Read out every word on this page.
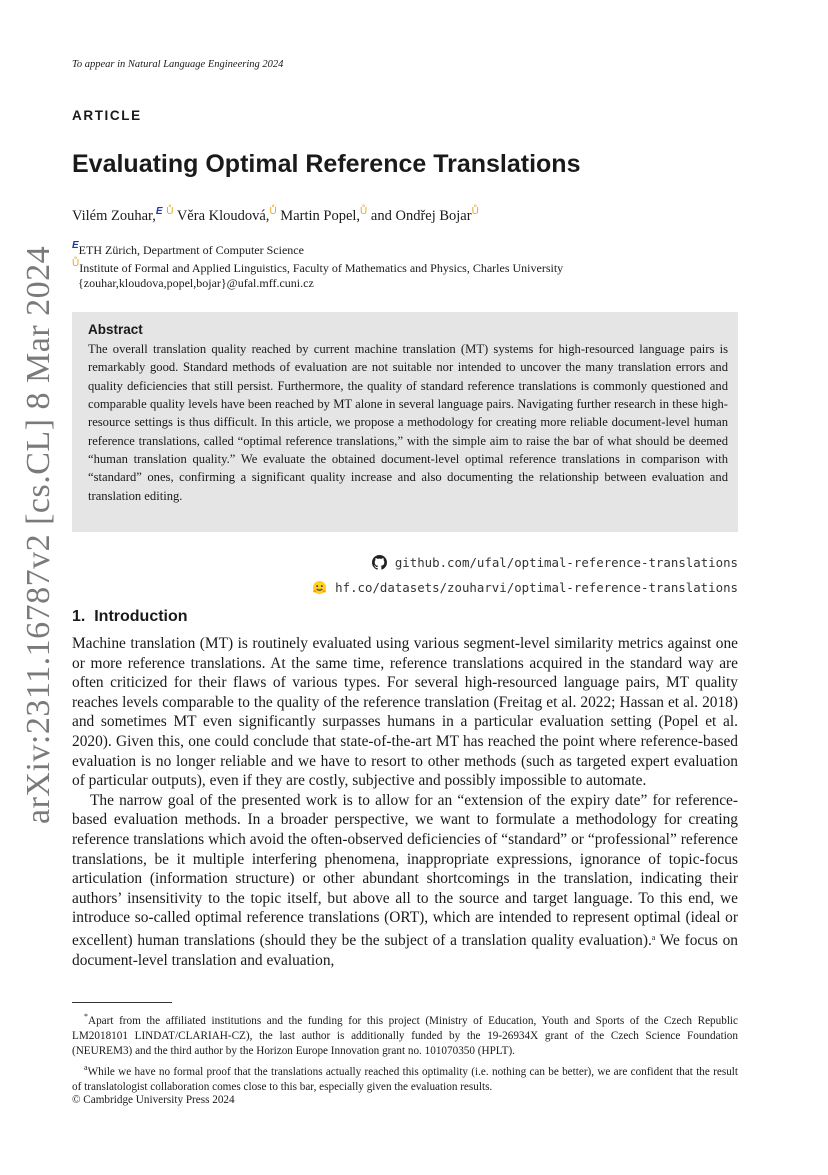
arXiv:2311.16787v2 [cs.CL] 8 Mar 2024
To appear in Natural Language Engineering 2024
ARTICLE
Evaluating Optimal Reference Translations
Vilém Zouhar,$^E$ $^Ů$ Věra Kloudová,$^Ů$ Martin Popel,$^Ů$ and Ondřej Bojar$^Ů$
$^E$ETH Zürich, Department of Computer Science
$^Ů$Institute of Formal and Applied Linguistics, Faculty of Mathematics and Physics, Charles University
{zouhar,kloudova,popel,bojar}@ufal.mff.cuni.cz
Abstract
The overall translation quality reached by current machine translation (MT) systems for high-resourced language pairs is remarkably good. Standard methods of evaluation are not suitable nor intended to uncover the many translation errors and quality deficiencies that still persist. Furthermore, the quality of standard reference translations is commonly questioned and comparable quality levels have been reached by MT alone in several language pairs. Navigating further research in these high-resource settings is thus difficult. In this article, we propose a methodology for creating more reliable document-level human reference translations, called “optimal reference translations,” with the simple aim to raise the bar of what should be deemed “human translation quality.” We evaluate the obtained document-level optimal reference translations in comparison with “standard” ones, confirming a significant quality increase and also documenting the relationship between evaluation and translation editing.
github.com/ufal/optimal-reference-translations
hf.co/datasets/zouharvi/optimal-reference-translations
1. Introduction

Machine translation (MT) is routinely evaluated using various segment-level similarity metrics against one or more reference translations. At the same time, reference translations acquired in the standard way are often criticized for their flaws of various types. For several high-resourced language pairs, MT quality reaches levels comparable to the quality of the reference translation (Freitag et al. 2022; Hassan et al. 2018) and sometimes MT even significantly surpasses humans in a particular evaluation setting (Popel et al. 2020). Given this, one could conclude that state-of-the-art MT has reached the point where reference-based evaluation is no longer reliable and we have to resort to other methods (such as targeted expert evaluation of particular outputs), even if they are costly, subjective and possibly impossible to automate.

The narrow goal of the presented work is to allow for an “extension of the expiry date” for reference-based evaluation methods. In a broader perspective, we want to formulate a methodology for creating reference translations which avoid the often-observed deficiencies of “standard” or “professional” reference translations, be it multiple interfering phenomena, inappropriate expressions, ignorance of topic-focus articulation (information structure) or other abundant shortcomings in the translation, indicating their authors’ insensitivity to the topic itself, but above all to the source and target language. To this end, we introduce so-called optimal reference translations (ORT), which are intended to represent optimal (ideal or excellent) human translations (should they be the subject of a translation quality evaluation).$^a$ We focus on document-level translation and evaluation,

*Apart from the affiliated institutions and the funding for this project (Ministry of Education, Youth and Sports of the Czech Republic LM2018101 LINDAT/CLARIAH-CZ), the last author is additionally funded by the 19-26934X grant of the Czech Science Foundation (NEUREM3) and the third author by the Horizon Europe Innovation grant no. 101070350 (HPLT).

$^a$While we have no formal proof that the translations actually reached this optimality (i.e. nothing can be better), we are confident that the result of translatologist collaboration comes close to this bar, especially given the evaluation results.

© Cambridge University Press 2024
